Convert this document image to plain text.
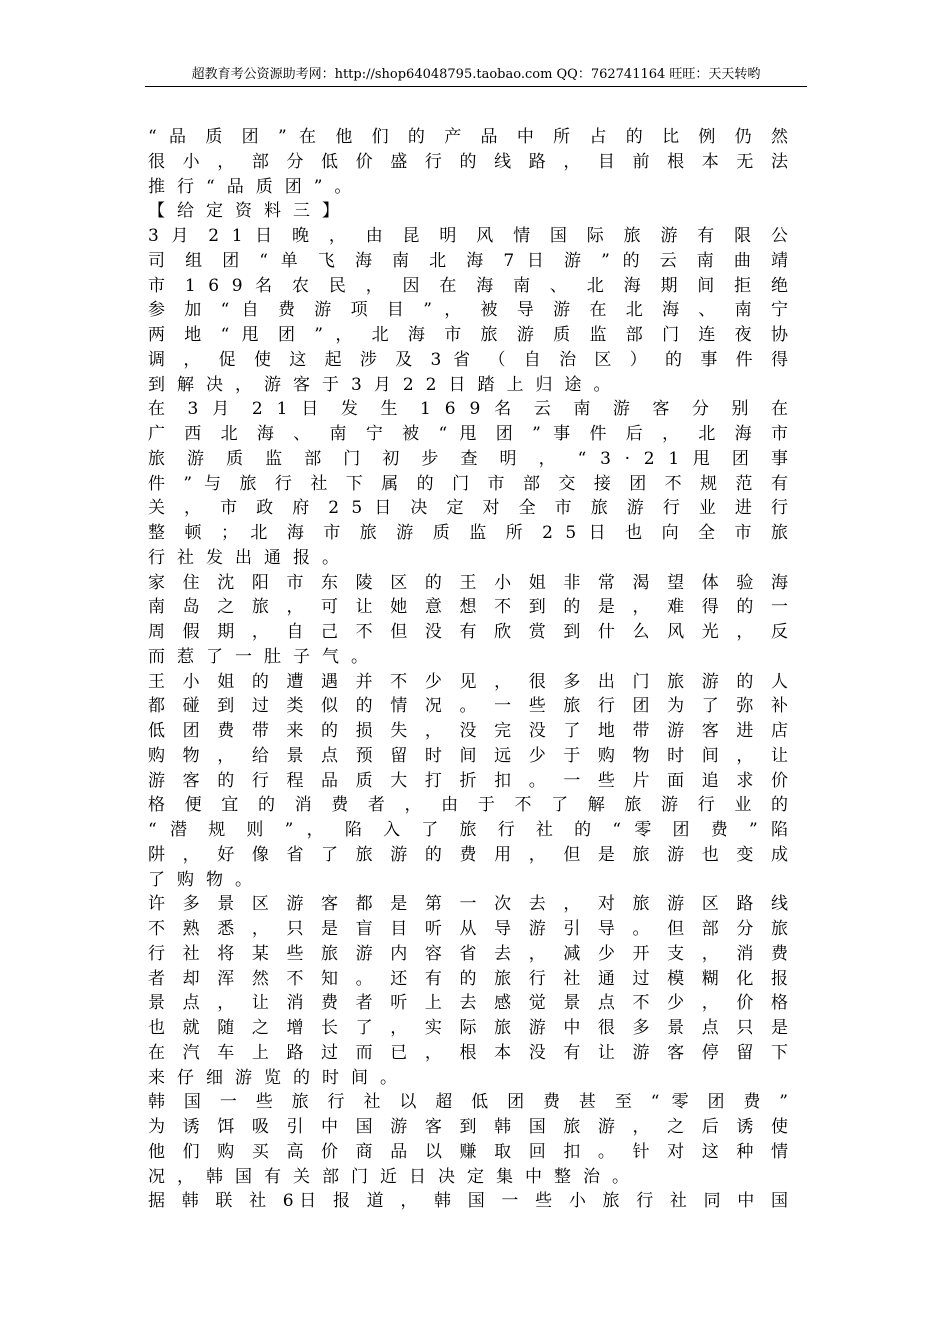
超教育考公资源助考网：http://shop64048795.taobao.com QQ：762741164 旺旺：天天转哟
“ 品 质 团 ” 在 他 们 的 产 品 中 所 占 的 比 例 仍 然
很 小 ， 部 分 低 价 盛 行 的 线 路 ， 目 前 根 本 无 法
推行“品质团”。
【给定资料三】
3 月 2 1 日 晚 ， 由 昆 明 风 情 国 际 旅 游 有 限 公
司 组 团 “ 单 飞 海 南 北 海 7 日 游 ” 的 云 南 曲 靖
市 1 6 9 名 农 民 ， 因 在 海 南 、 北 海 期 间 拒 绝
参 加 “ 自 费 游 项 目 ” ， 被 导 游 在 北 海 、 南 宁
两 地 “ 甩 团 ” ， 北 海 市 旅 游 质 监 部 门 连 夜 协
调 ， 促 使 这 起 涉 及 3 省 （ 自 治 区 ） 的 事 件 得
到解决，游客于3月22日踏上归途。
在 3 月 2 1 日 发 生 1 6 9 名 云 南 游 客 分 别 在
广 西 北 海 、 南 宁 被 “ 甩 团 ” 事 件 后 ， 北 海 市
旅 游 质 监 部 门 初 步 查 明 ， “ 3 · 2 1 甩 团 事
件 ” 与 旅 行 社 下 属 的 门 市 部 交 接 团 不 规 范 有
关 ， 市 政 府 2 5 日 决 定 对 全 市 旅 游 行 业 进 行
整 顿 ； 北 海 市 旅 游 质 监 所 2 5 日 也 向 全 市 旅
行社发出通报。
家 住 沈 阳 市 东 陵 区 的 王 小 姐 非 常 渴 望 体 验 海
南 岛 之 旅 ， 可 让 她 意 想 不 到 的 是 ， 难 得 的 一
周 假 期 ， 自 己 不 但 没 有 欣 赏 到 什 么 风 光 ， 反
而惹了一肚子气。
王 小 姐 的 遭 遇 并 不 少 见 ， 很 多 出 门 旅 游 的 人
都 碰 到 过 类 似 的 情 况 。 一 些 旅 行 团 为 了 弥 补
低 团 费 带 来 的 损 失 ， 没 完 没 了 地 带 游 客 进 店
购 物 ， 给 景 点 预 留 时 间 远 少 于 购 物 时 间 ， 让
游 客 的 行 程 品 质 大 打 折 扣 。 一 些 片 面 追 求 价
格 便 宜 的 消 费 者 ， 由 于 不 了 解 旅 游 行 业 的
“ 潜 规 则 ” ， 陷 入 了 旅 行 社 的 “ 零 团 费 ” 陷
阱 ， 好 像 省 了 旅 游 的 费 用 ， 但 是 旅 游 也 变 成
了购物。
许 多 景 区 游 客 都 是 第 一 次 去 ， 对 旅 游 区 路 线
不 熟 悉 ， 只 是 盲 目 听 从 导 游 引 导 。 但 部 分 旅
行 社 将 某 些 旅 游 内 容 省 去 ， 减 少 开 支 ， 消 费
者 却 浑 然 不 知 。 还 有 的 旅 行 社 通 过 模 糊 化 报
景 点 ， 让 消 费 者 听 上 去 感 觉 景 点 不 少 ， 价 格
也 就 随 之 增 长 了 ， 实 际 旅 游 中 很 多 景 点 只 是
在 汽 车 上 路 过 而 已 ， 根 本 没 有 让 游 客 停 留 下
来仔细游览的时间。
韩 国 一 些 旅 行 社 以 超 低 团 费 甚 至 “ 零 团 费 ”
为 诱 饵 吸 引 中 国 游 客 到 韩 国 旅 游 ， 之 后 诱 使
他 们 购 买 高 价 商 品 以 赚 取 回 扣 。 针 对 这 种 情
况，韩国有关部门近日决定集中整治。
据 韩 联 社 6日 报 道 ， 韩 国 一 些 小 旅 行 社 同 中 国
